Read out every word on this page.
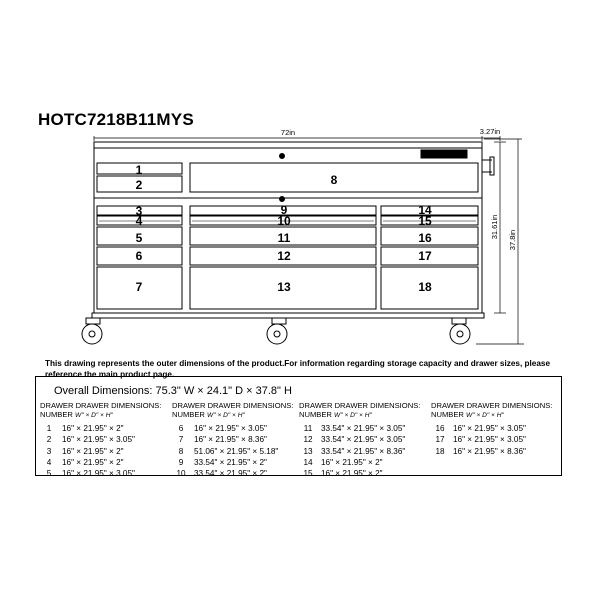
HOTC7218B11MYS
72in	3.27in
31.61in
37.8in
1
2
3
4
5
6
7
8
9
10
11
12
13
14
15
16
17
18
This drawing represents the outer dimensions of the product.For information regarding storage capacity and drawer sizes, please reference the main product page.
Overall Dimensions: 75.3" W × 24.1" D × 37.8" H
DRAWER DRAWER DIMENSIONS:
NUMBER W" × D" × H"
1	16" × 21.95" × 2"
2	16" × 21.95" × 3.05"
3	16" × 21.95" × 2"
4	16" × 21.95" × 2"
5	16" × 21.95" × 3.05"
DRAWER DRAWER DIMENSIONS:
NUMBER W" × D" × H"
6	16" × 21.95" × 3.05"
7	16" × 21.95" × 8.36"
8	51.06" × 21.95" × 5.18"
9	33.54" × 21.95" × 2"
10	33.54" × 21.95" × 2"
DRAWER DRAWER DIMENSIONS:
NUMBER W" × D" × H"
11	33.54" × 21.95" × 3.05"
12	33.54" × 21.95" × 3.05"
13	33.54" × 21.95" × 8.36"
14	16" × 21.95" × 2"
15	16" × 21.95" × 2"
DRAWER DRAWER DIMENSIONS:
NUMBER W" × D" × H"
16	16" × 21.95" × 3.05"
17	16" × 21.95" × 3.05"
18	16" × 21.95" × 8.36"
